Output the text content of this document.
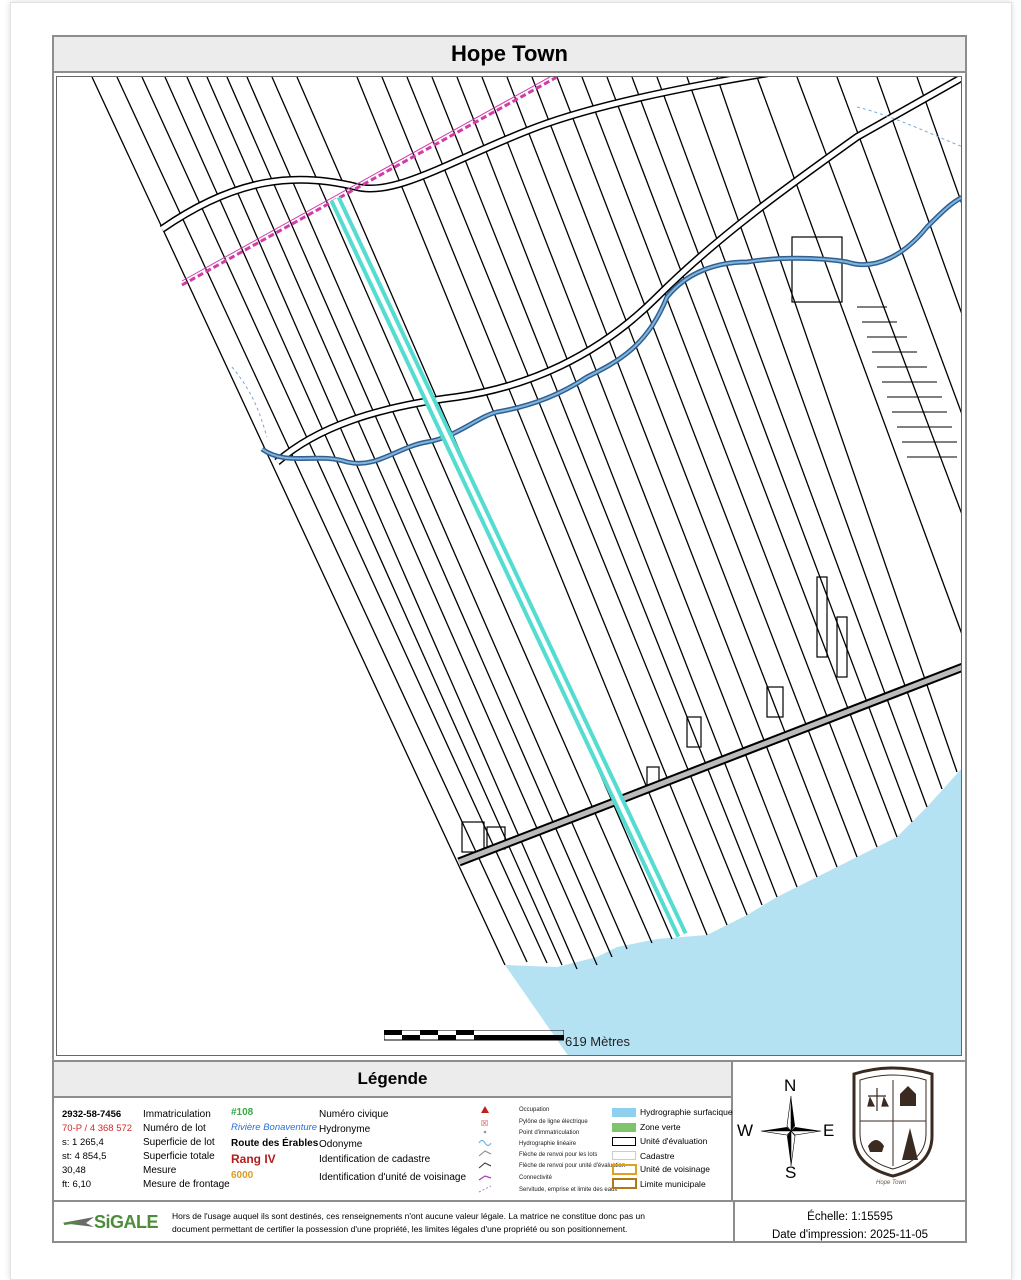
Hope Town
619 Mètres
Légende
2932-58-7456 Immatriculation
70-P / 4 368 572 Numéro de lot
s: 1 265,4	Superficie de lot
st: 4 854,5	Superficie totale
30,48	Mesure
ft: 6,10	Mesure de frontage
#108	Numéro civique
Rivière Bonaventure Hydronyme
Route des Érables Odonyme
Rang IV	Identification de cadastre
6000	Identification d'unité de voisinage
☒
Occupation
Pylône de ligne électrique
Point d'immatriculation
Hydrographie linéaire
Flèche de renvoi pour les lots
Flèche de renvoi pour unité d'évaluation
Connectivité
Servitude, emprise et limite des eaux
Hydrographie surfacique
Zone verte
Unité d'évaluation
Cadastre
Unité de voisinage
Limite municipale
N
S
W	E
Hope Town
SiGALE Hors de l'usage auquel ils sont destinés, ces renseignements n'ont aucune valeur légale. La matrice ne constitue donc pas un
document permettant de certifier la possession d'une propriété, les limites légales d'une propriété ou son positionnement.
Échelle: 1:15595
Date d'impression: 2025-11-05
